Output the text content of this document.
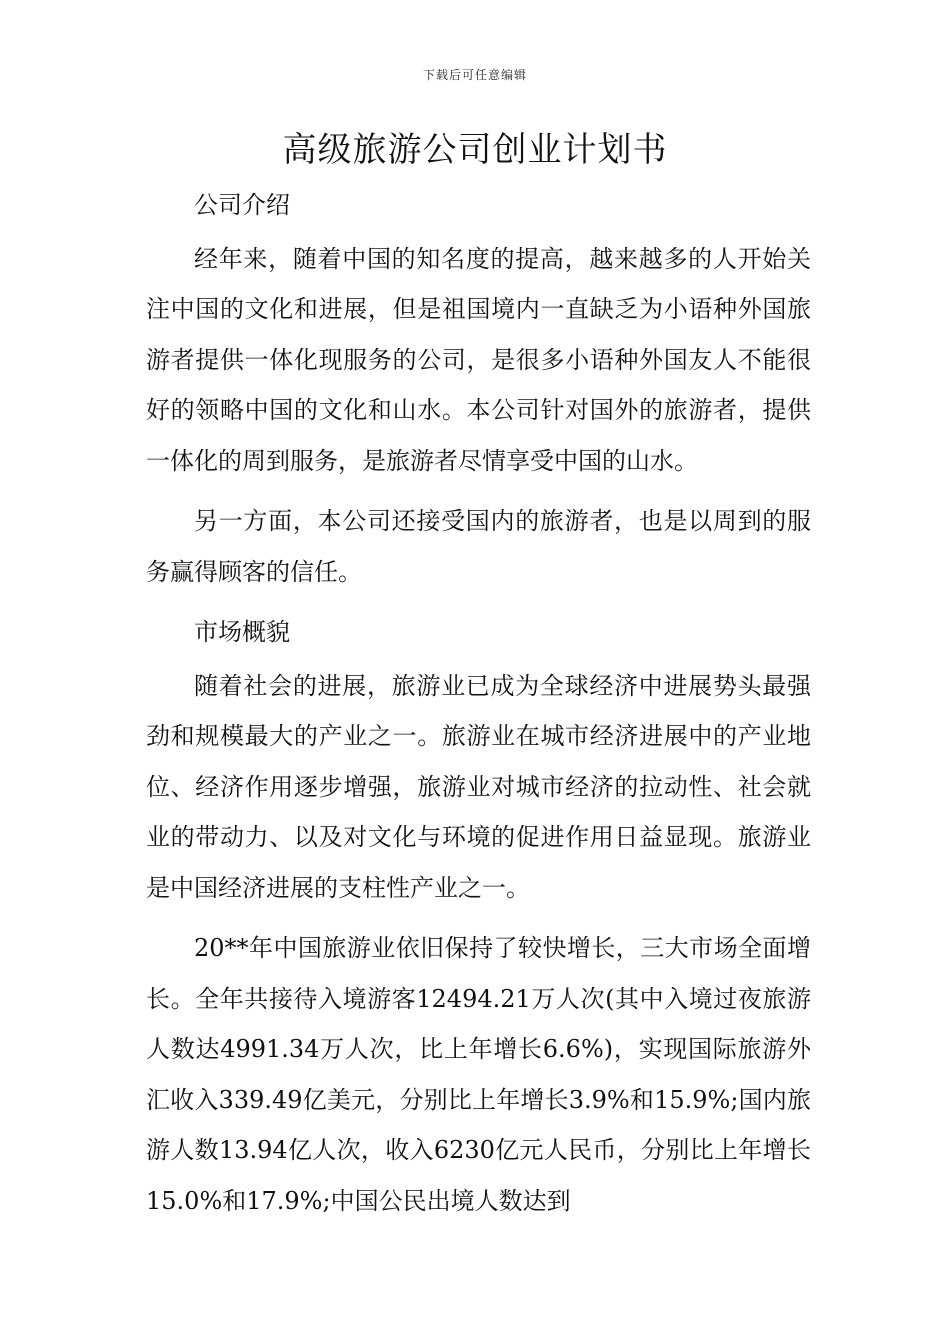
下载后可任意编辑
高级旅游公司创业计划书

公司介绍

经年来，随着中国的知名度的提高，越来越多的人开始关注中国的文化和进展，但是祖国境内一直缺乏为小语种外国旅游者提供一体化现服务的公司，是很多小语种外国友人不能很好的领略中国的文化和山水。本公司针对国外的旅游者，提供一体化的周到服务，是旅游者尽情享受中国的山水。

另一方面，本公司还接受国内的旅游者，也是以周到的服务赢得顾客的信任。

市场概貌

随着社会的进展，旅游业已成为全球经济中进展势头最强劲和规模最大的产业之一。旅游业在城市经济进展中的产业地位、经济作用逐步增强，旅游业对城市经济的拉动性、社会就业的带动力、以及对文化与环境的促进作用日益显现。旅游业是中国经济进展的支柱性产业之一。

20**年中国旅游业依旧保持了较快增长，三大市场全面增长。全年共接待入境游客12494.21万人次(其中入境过夜旅游人数达4991.34万人次，比上年增长6.6%)，实现国际旅游外汇收入339.49亿美元，分别比上年增长3.9%和15.9%;国内旅游人数13.94亿人次，收入6230亿元人民币，分别比上年增长15.0%和17.9%;中国公民出境人数达到
